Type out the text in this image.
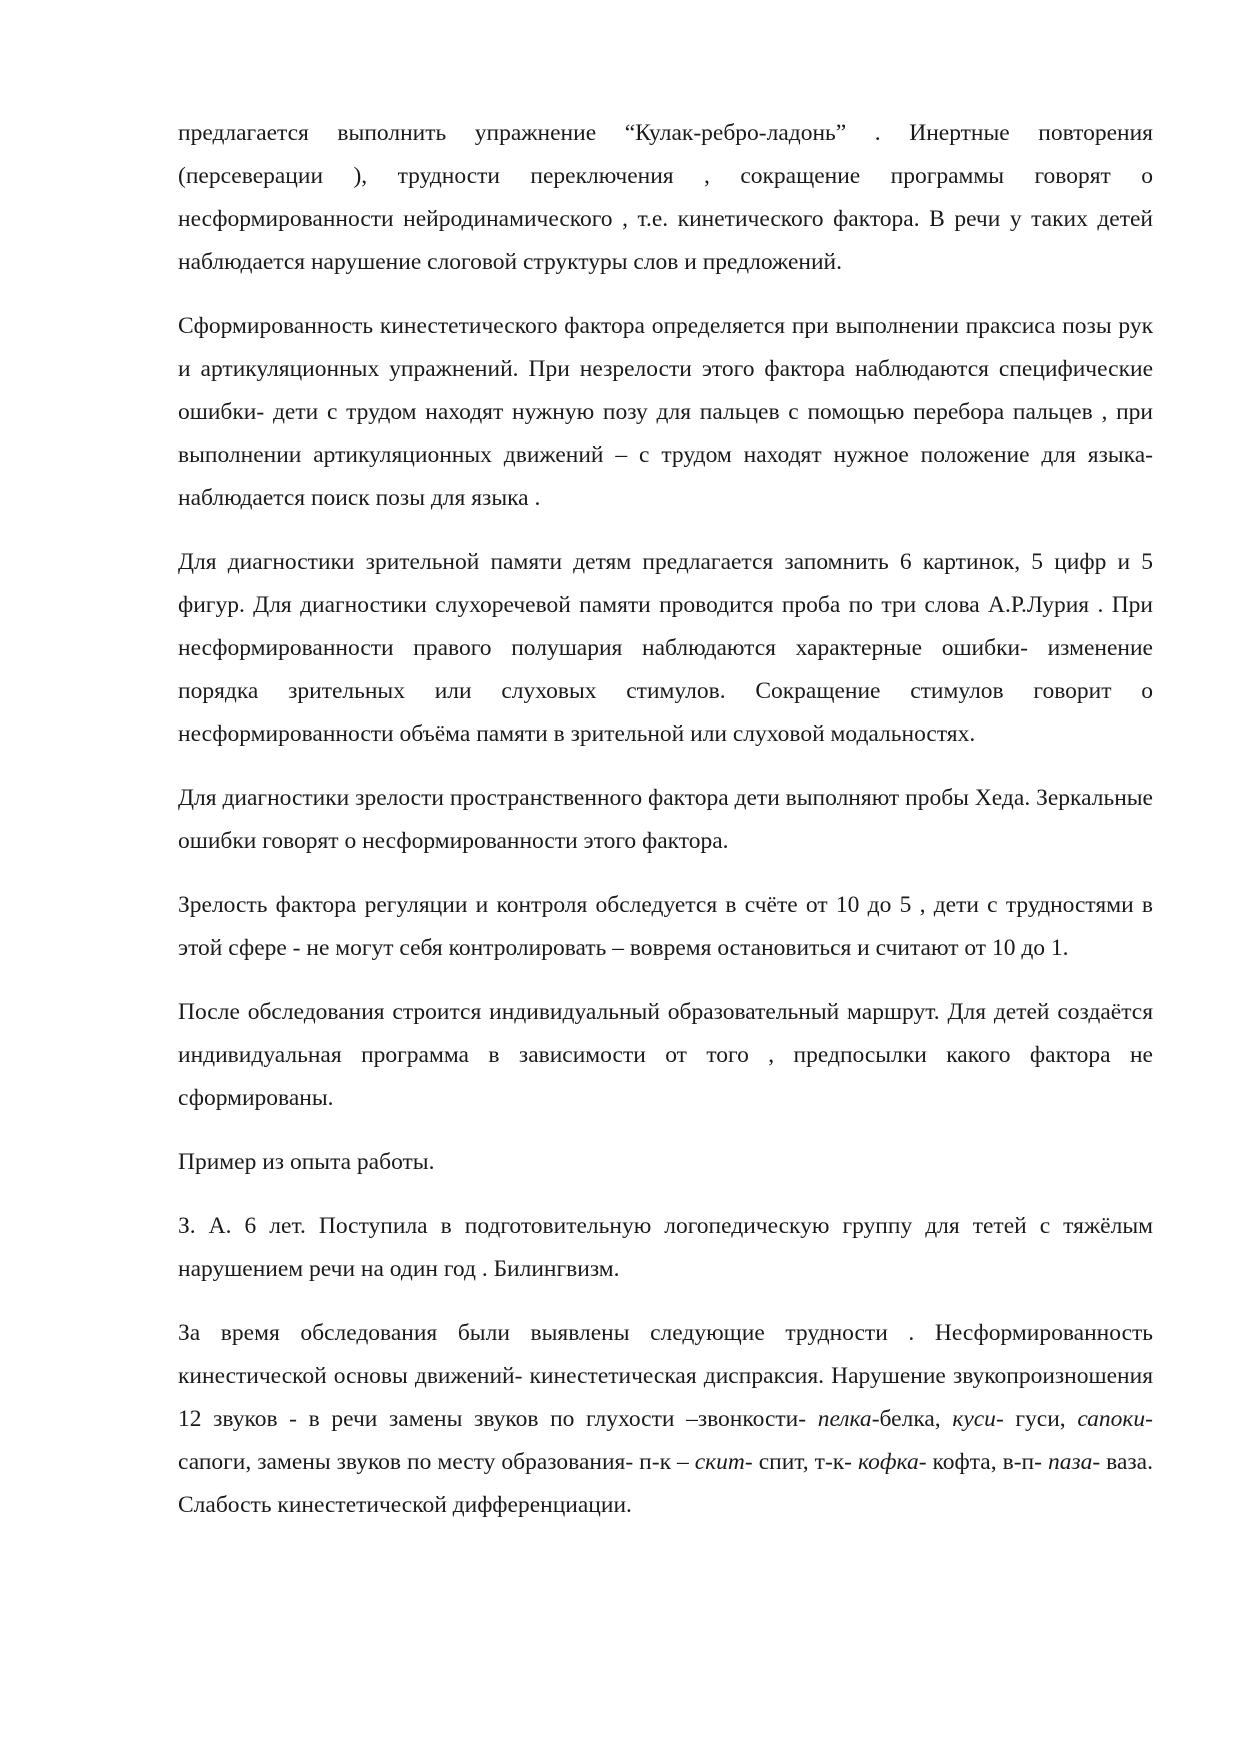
предлагается выполнить упражнение “Кулак-ребро-ладонь” . Инертные повторения (персеверации ), трудности переключения , сокращение программы говорят о несформированности нейродинамического , т.е. кинетического фактора. В речи у таких детей наблюдается нарушение слоговой структуры слов и предложений.

Сформированность кинестетического фактора определяется при выполнении праксиса позы рук и артикуляционных упражнений. При незрелости этого фактора наблюдаются специфические ошибки- дети с трудом находят нужную позу для пальцев с помощью перебора пальцев , при выполнении артикуляционных движений – с трудом находят нужное положение для языка- наблюдается поиск позы для языка .

Для диагностики зрительной памяти детям предлагается запомнить 6 картинок, 5 цифр и 5 фигур. Для диагностики слухоречевой памяти проводится проба по три слова А.Р.Лурия . При несформированности правого полушария наблюдаются характерные ошибки- изменение порядка зрительных или слуховых стимулов. Сокращение стимулов говорит о несформированности объёма памяти в зрительной или слуховой модальностях.

Для диагностики зрелости пространственного фактора дети выполняют пробы Хеда. Зеркальные ошибки говорят о несформированности этого фактора.

Зрелость фактора регуляции и контроля обследуется в счёте от 10 до 5 , дети с трудностями в этой сфере - не могут себя контролировать – вовремя остановиться и считают от 10 до 1.

После обследования строится индивидуальный образовательный маршрут. Для детей создаётся индивидуальная программа в зависимости от того , предпосылки какого фактора не сформированы.

Пример из опыта работы.

З. А. 6 лет. Поступила в подготовительную логопедическую группу для тетей с тяжёлым нарушением речи на один год . Билингвизм.

За время обследования были выявлены следующие трудности . Несформированность кинестической основы движений- кинестетическая диспраксия. Нарушение звукопроизношения 12 звуков - в речи замены звуков по глухости –звонкости- пелка-белка, куси- гуси, сапоки- сапоги, замены звуков по месту образования- п-к – скит- спит, т-к- кофка- кофта, в-п- паза- ваза. Слабость кинестетической дифференциации.
